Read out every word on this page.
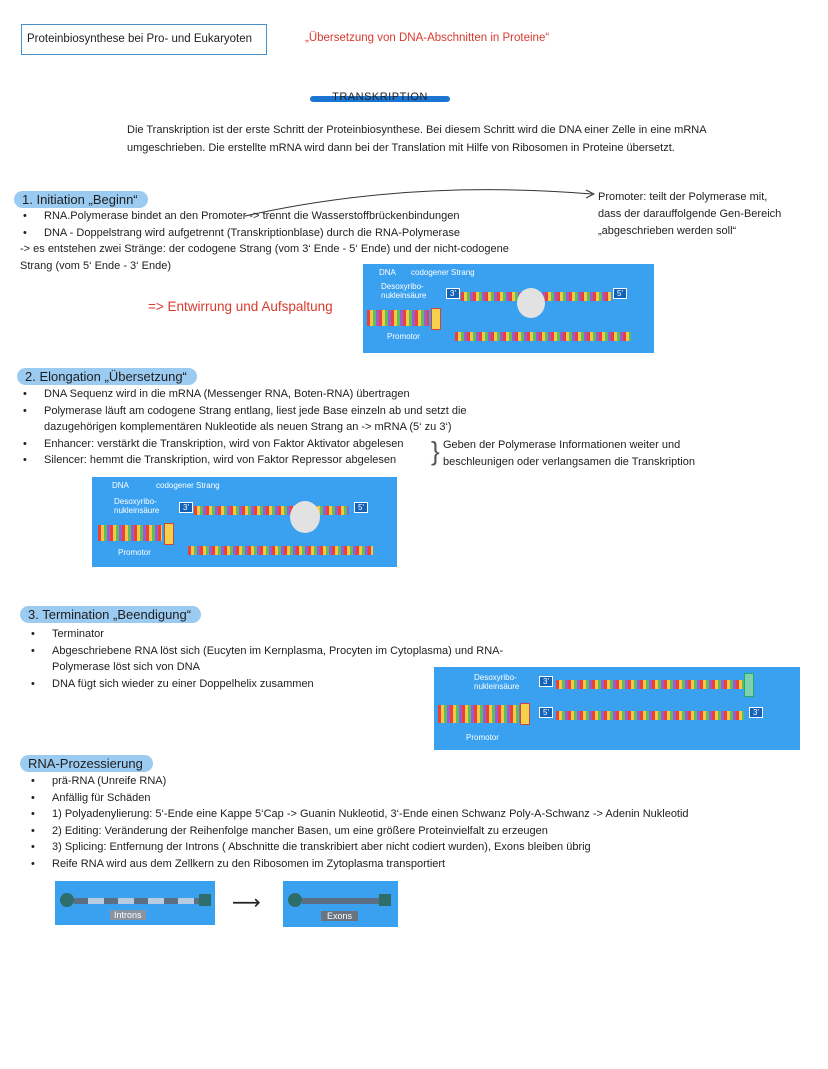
Proteinbiosynthese bei Pro- und Eukaryoten	„Übersetzung von DNA-Abschnitten in Proteine“
TRANSKRIPTION
Die Transkription ist der erste Schritt der Proteinbiosynthese. Bei diesem Schritt wird die DNA einer Zelle in eine mRNA
umgeschrieben. Die erstellte mRNA wird dann bei der Translation mit Hilfe von Ribosomen in Proteine übersetzt.
1. Initiation „Beginn“	Promoter: teilt der Polymerase mit,
dass der darauffolgende Gen-Bereich
„abgeschrieben werden soll“
• RNA.Polymerase bindet an den Promoter -> trennt die Wasserstoffbrückenbindungen
• DNA - Doppelstrang wird aufgetrennt (Transkriptionblase) durch die RNA-Polymerase
-> es entstehen zwei Stränge: der codogene Strang (vom 3‘ Ende - 5‘ Ende) und der nicht-codogene
Strang (vom 5‘ Ende - 3‘ Ende)
=> Entwirrung und Aufspaltung
DNA codogener Strang
Desoxyribo-
nukleinsäure	3'	5'
Promotor
2. Elongation „Übersetzung“
• DNA Sequenz wird in die mRNA (Messenger RNA, Boten-RNA) übertragen
• Polymerase läuft am codogene Strang entlang, liest jede Base einzeln ab und setzt die
dazugehörigen komplementären Nukleotide als neuen Strang an -> mRNA (5‘ zu 3‘)
• Enhancer: verstärkt die Transkription, wird von Faktor Aktivator abgelesen
• Silencer: hemmt die Transkription, wird von Faktor Repressor abgelesen	} Geben der Polymerase Informationen weiter und
beschleunigen oder verlangsamen die Transkription
DNA	codogener Strang
Desoxyribo-
nukleinsäure	3'	5'
Promotor
3. Termination „Beendigung“
• Terminator
• Abgeschriebene RNA löst sich (Eucyten im Kernplasma, Procyten im Cytoplasma) und RNA-
Polymerase löst sich von DNA
• DNA fügt sich wieder zu einer Doppelhelix zusammen	Desoxyribo-
nukleinsäure
3'
5'	3'
Promotor
RNA-Prozessierung
• prä-RNA (Unreife RNA)
• Anfällig für Schäden
• 1) Polyadenylierung: 5‘-Ende eine Kappe 5‘Cap -> Guanin Nukleotid, 3‘-Ende einen Schwanz Poly-A-Schwanz -> Adenin Nukleotid
• 2) Editing: Veränderung der Reihenfolge mancher Basen, um eine größere Proteinvielfalt zu erzeugen
• 3) Splicing: Entfernung der Introns ( Abschnitte die transkribiert aber nicht codiert wurden), Exons bleiben übrig
• Reife RNA wird aus dem Zellkern zu den Ribosomen im Zytoplasma transportiert
Introns
⟶
Exons
